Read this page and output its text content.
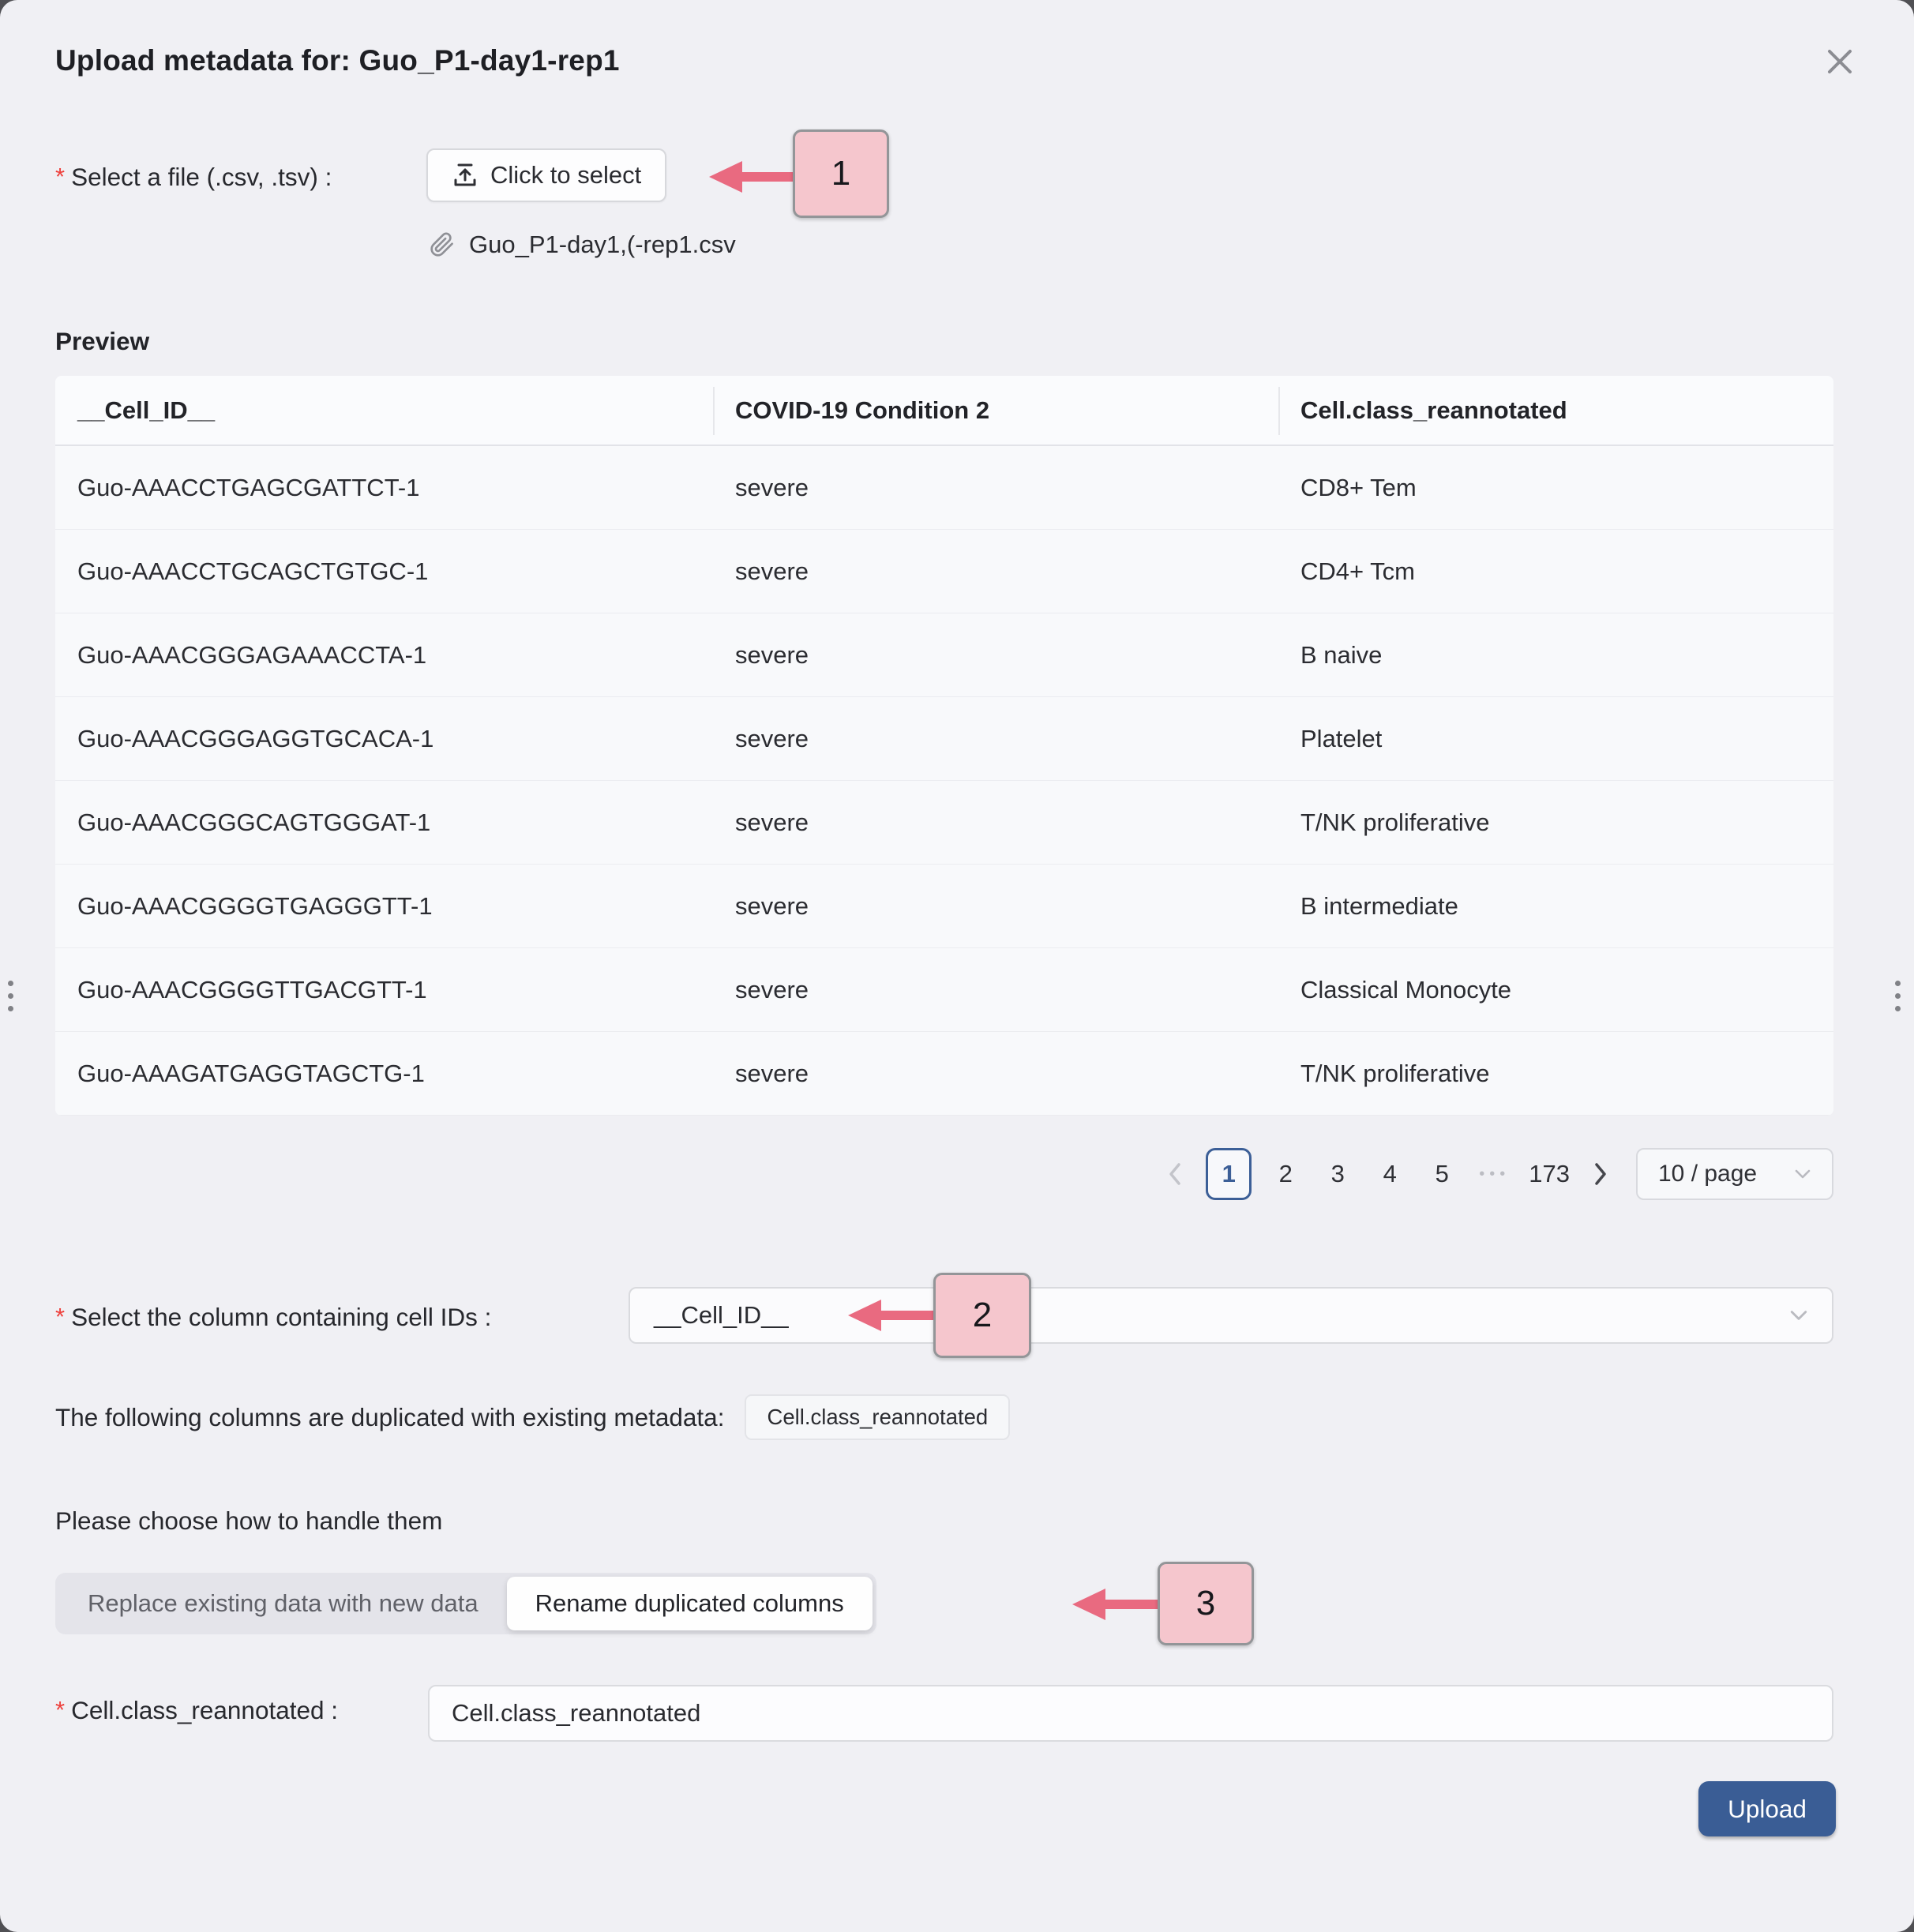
Upload metadata for: Guo_P1-day1-rep1
* Select a file (.csv, .tsv) :	Click to select	1
Guo_P1-day1,(-rep1.csv
Preview
__Cell_ID__	COVID-19 Condition 2	Cell.class_reannotated
Guo-AAACCTGAGCGATTCT-1	severe	CD8+ Tem
Guo-AAACCTGCAGCTGTGC-1	severe	CD4+ Tcm
Guo-AAACGGGAGAAACCTA-1	severe	B naive
Guo-AAACGGGAGGTGCACA-1	severe	Platelet
Guo-AAACGGGCAGTGGGAT-1	severe	T/NK proliferative
Guo-AAACGGGGTGAGGGTT-1	severe	B intermediate
Guo-AAACGGGGTTGACGTT-1	severe	Classical Monocyte
Guo-AAAGATGAGGTAGCTG-1	severe	T/NK proliferative
1	2	3	4	5	••• 173	10 / page
* Select the column containing cell IDs :	__Cell_ID__	2
The following columns are duplicated with existing metadata:	Cell.class_reannotated
Please choose how to handle them
Replace existing data with new data	Rename duplicated columns	3
* Cell.class_reannotated :	Cell.class_reannotated
Upload
